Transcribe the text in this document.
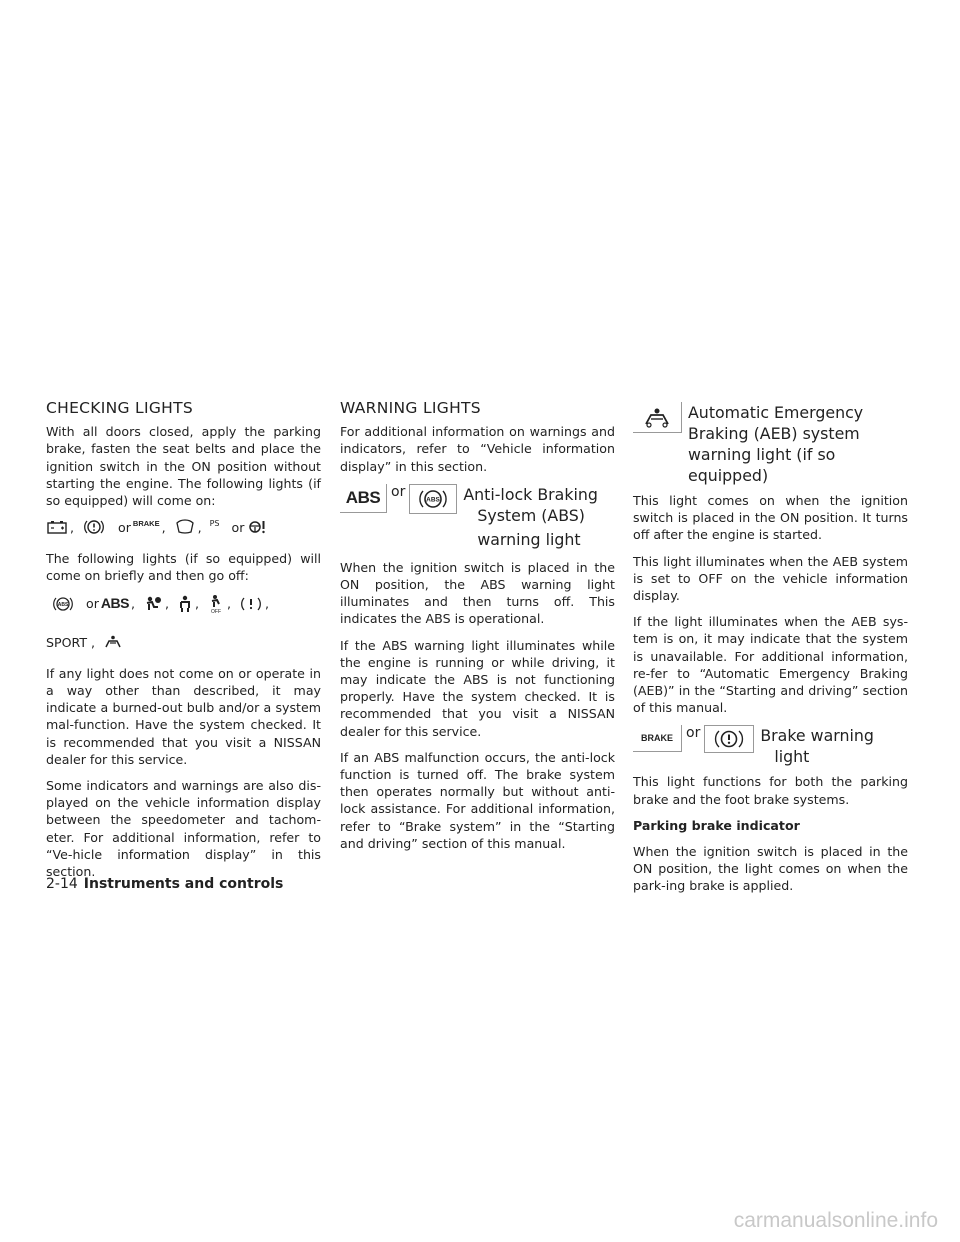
CHECKING LIGHTS

With all doors closed, apply the parking brake, fasten the seat belts and place the ignition switch in the ON position without starting the engine. The following lights (if so equipped) will come on:

,	or BRAKE ,	, PS or

The following lights (if so equipped) will come on briefly and then go off:

ABS or ABS , , ,
OFF
,	,
SPORT ,

If any light does not come on or operate in a way other than described, it may indicate a burned-out bulb and/or a system mal-function. Have the system checked. It is recommended that you visit a NISSAN dealer for this service.

Some indicators and warnings are also dis-played on the vehicle information display between the speedometer and tachom-eter. For additional information, refer to “Ve-hicle information display” in this section.

WARNING LIGHTS

For additional information on warnings and indicators, refer to “Vehicle information display” in this section.

ABS or	ABS Anti-lock Braking
System (ABS)
warning light

When the ignition switch is placed in the ON position, the ABS warning light illuminates and then turns off. This indicates the ABS is operational.

If the ABS warning light illuminates while the engine is running or while driving, it may indicate the ABS is not functioning properly. Have the system checked. It is recommended that you visit a NISSAN dealer for this service.

If an ABS malfunction occurs, the anti-lock function is turned off. The brake system then operates normally but without anti-lock assistance. For additional information, refer to “Brake system” in the “Starting and driving” section of this manual.

Automatic Emergency
Braking (AEB) system
warning light (if so
equipped)

This light comes on when the ignition switch is placed in the ON position. It turns off after the engine is started.

This light illuminates when the AEB system is set to OFF on the vehicle information display.

If the light illuminates when the AEB sys-tem is on, it may indicate that the system is unavailable. For additional information, re-fer to “Automatic Emergency Braking (AEB)” in the “Starting and driving” section of this manual.

BRAKE or	Brake warning
light

This light functions for both the parking brake and the foot brake systems.

Parking brake indicator

When the ignition switch is placed in the ON position, the light comes on when the park-ing brake is applied.

2-14 Instruments and controls
carmanualsonline.info
